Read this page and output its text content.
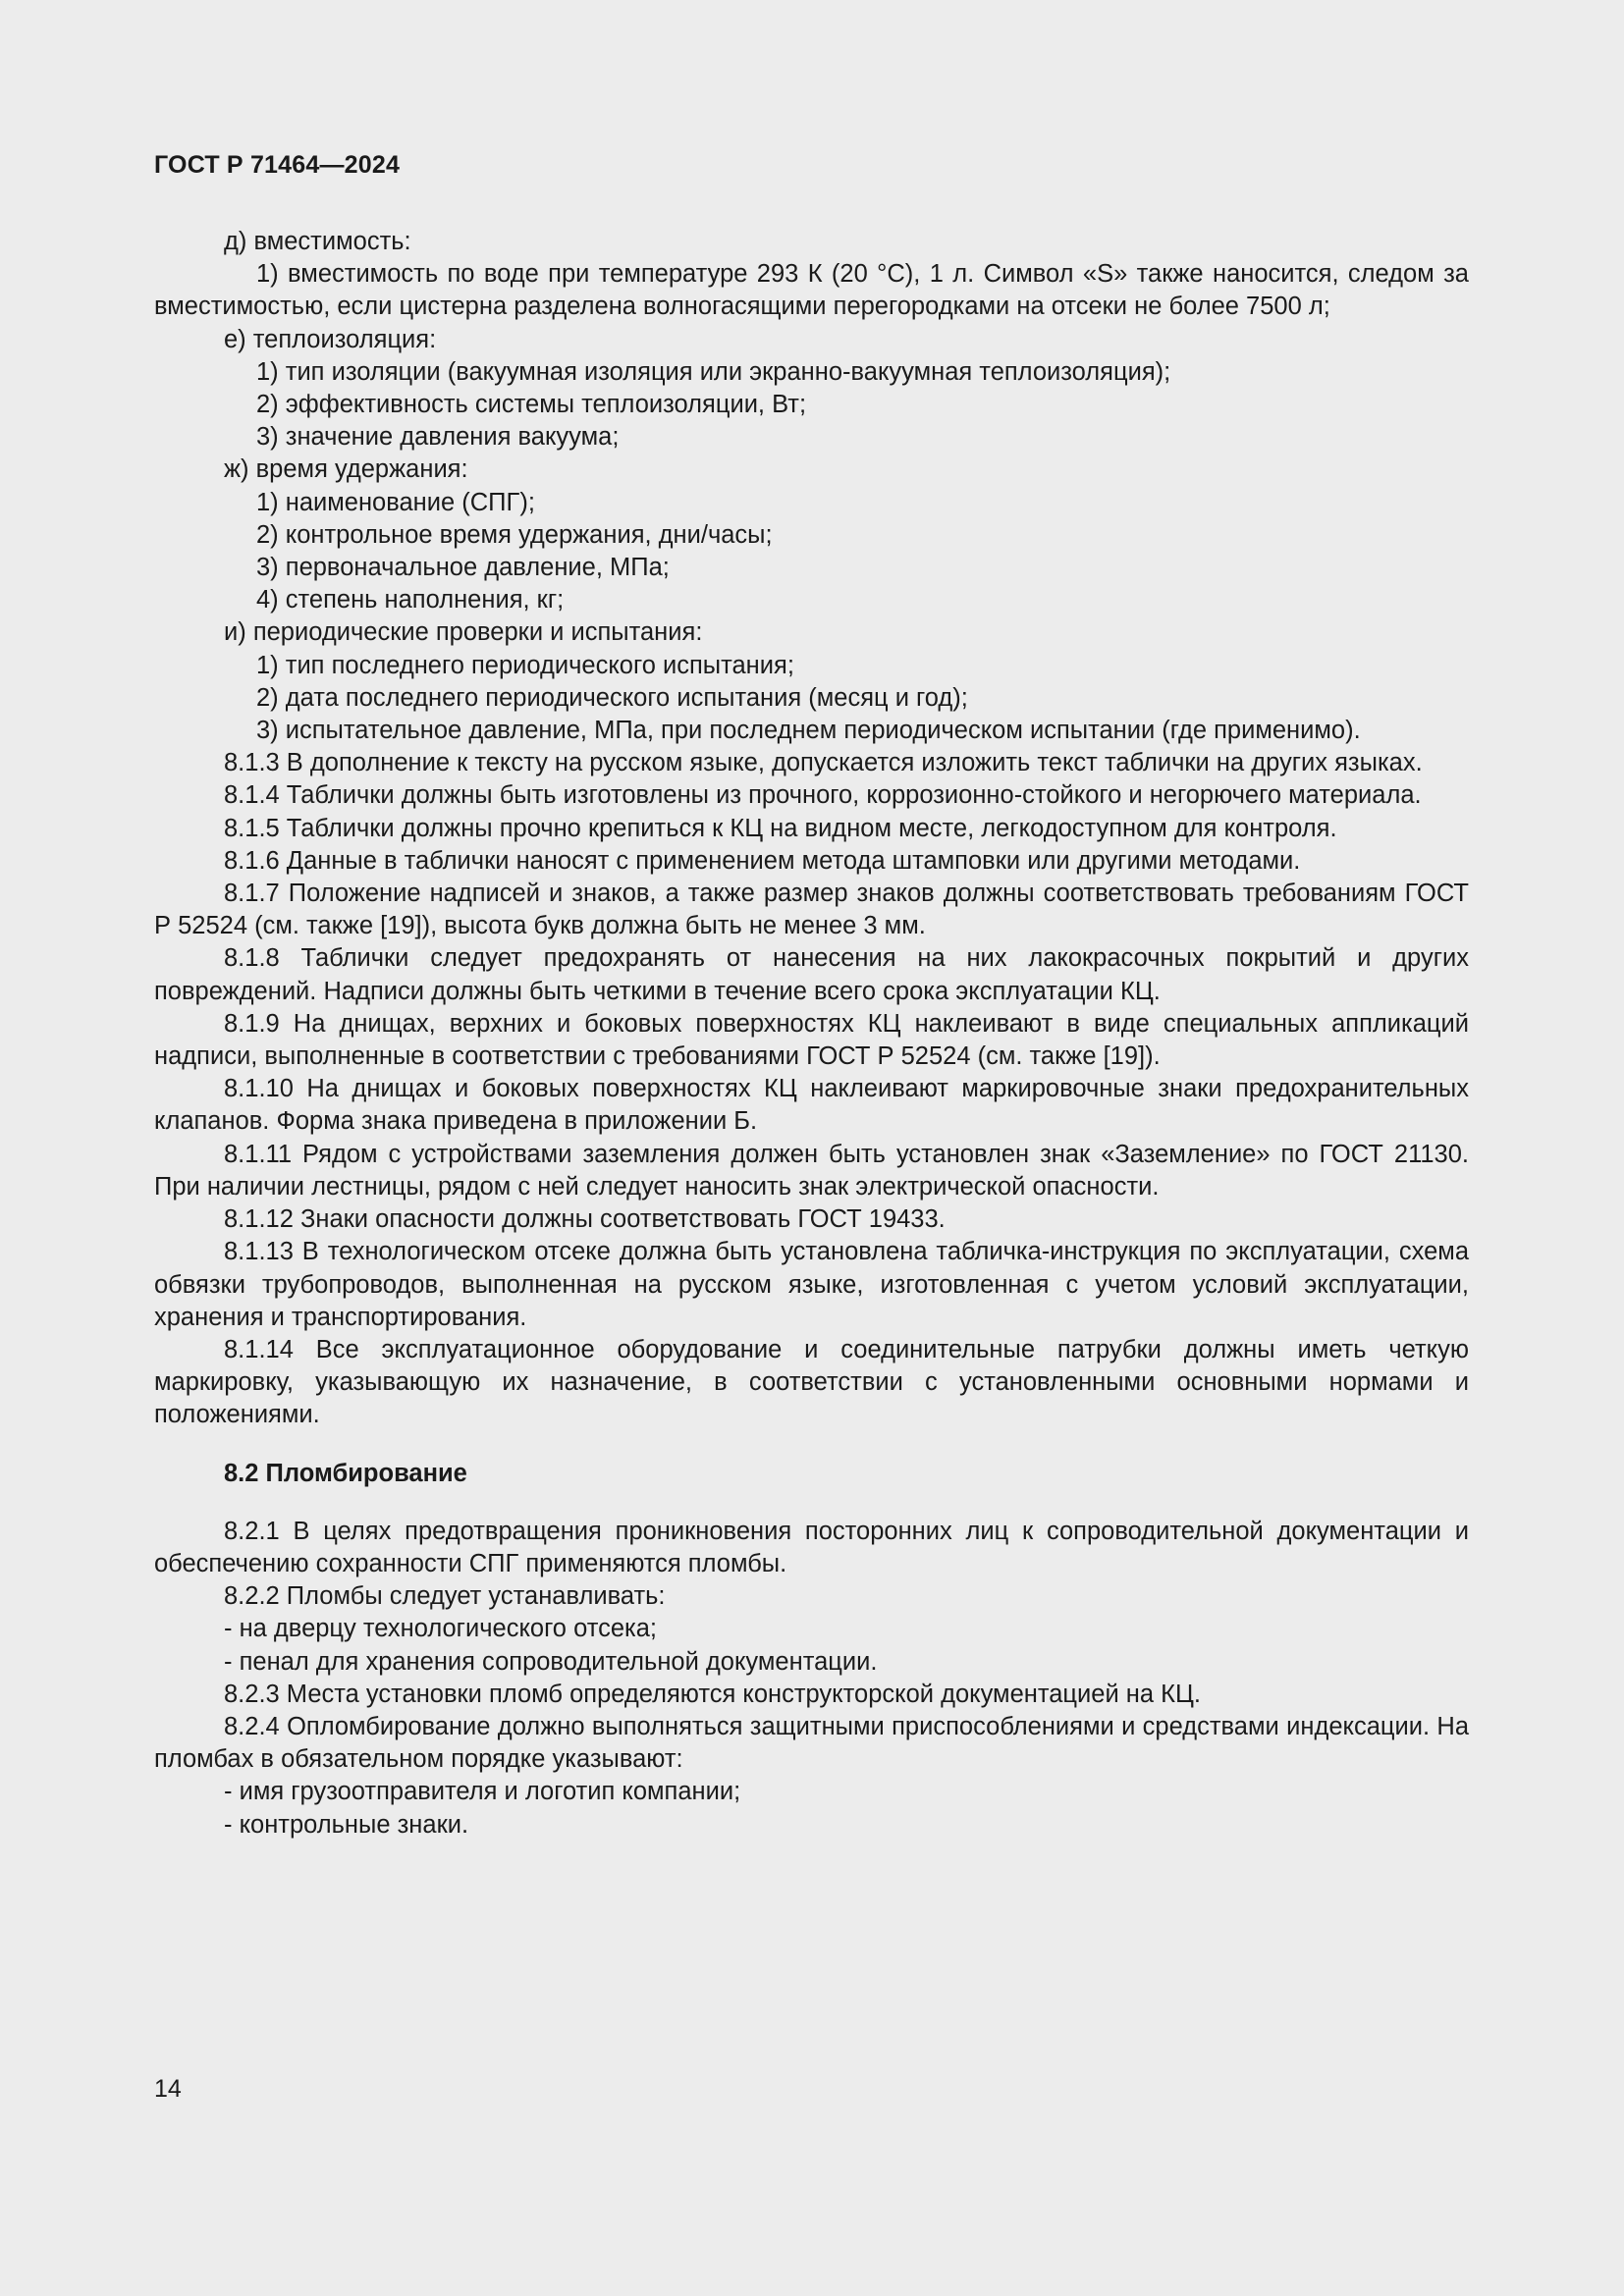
ГОСТ Р 71464—2024

д) вместимость:

1) вместимость по воде при температуре 293 К (20 °С), 1 л. Символ «S» также наносится, следом за вместимостью, если цистерна разделена волногасящими перегородками на отсеки не более 7500 л;

е) теплоизоляция:

1) тип изоляции (вакуумная изоляция или экранно-вакуумная теплоизоляция);

2) эффективность системы теплоизоляции, Вт;

3) значение давления вакуума;

ж) время удержания:

1) наименование (СПГ);

2) контрольное время удержания, дни/часы;

3) первоначальное давление, МПа;

4) степень наполнения, кг;

и) периодические проверки и испытания:

1) тип последнего периодического испытания;

2) дата последнего периодического испытания (месяц и год);

3) испытательное давление, МПа, при последнем периодическом испытании (где применимо).

8.1.3 В дополнение к тексту на русском языке, допускается изложить текст таблички на других языках.

8.1.4 Таблички должны быть изготовлены из прочного, коррозионно-стойкого и негорючего материала.

8.1.5 Таблички должны прочно крепиться к КЦ на видном месте, легкодоступном для контроля.

8.1.6 Данные в таблички наносят с применением метода штамповки или другими методами.

8.1.7 Положение надписей и знаков, а также размер знаков должны соответствовать требованиям ГОСТ Р 52524 (см. также [19]), высота букв должна быть не менее 3 мм.

8.1.8 Таблички следует предохранять от нанесения на них лакокрасочных покрытий и других повреждений. Надписи должны быть четкими в течение всего срока эксплуатации КЦ.

8.1.9 На днищах, верхних и боковых поверхностях КЦ наклеивают в виде специальных аппликаций надписи, выполненные в соответствии с требованиями ГОСТ Р 52524 (см. также [19]).

8.1.10 На днищах и боковых поверхностях КЦ наклеивают маркировочные знаки предохранительных клапанов. Форма знака приведена в приложении Б.

8.1.11 Рядом с устройствами заземления должен быть установлен знак «Заземление» по ГОСТ 21130. При наличии лестницы, рядом с ней следует наносить знак электрической опасности.

8.1.12 Знаки опасности должны соответствовать ГОСТ 19433.

8.1.13 В технологическом отсеке должна быть установлена табличка-инструкция по эксплуатации, схема обвязки трубопроводов, выполненная на русском языке, изготовленная с учетом условий эксплуатации, хранения и транспортирования.

8.1.14 Все эксплуатационное оборудование и соединительные патрубки должны иметь четкую маркировку, указывающую их назначение, в соответствии с установленными основными нормами и положениями.

8.2 Пломбирование

8.2.1 В целях предотвращения проникновения посторонних лиц к сопроводительной документации и обеспечению сохранности СПГ применяются пломбы.

8.2.2 Пломбы следует устанавливать:

- на дверцу технологического отсека;

- пенал для хранения сопроводительной документации.

8.2.3 Места установки пломб определяются конструкторской документацией на КЦ.

8.2.4 Опломбирование должно выполняться защитными приспособлениями и средствами индексации. На пломбах в обязательном порядке указывают:

- имя грузоотправителя и логотип компании;

- контрольные знаки.

14
